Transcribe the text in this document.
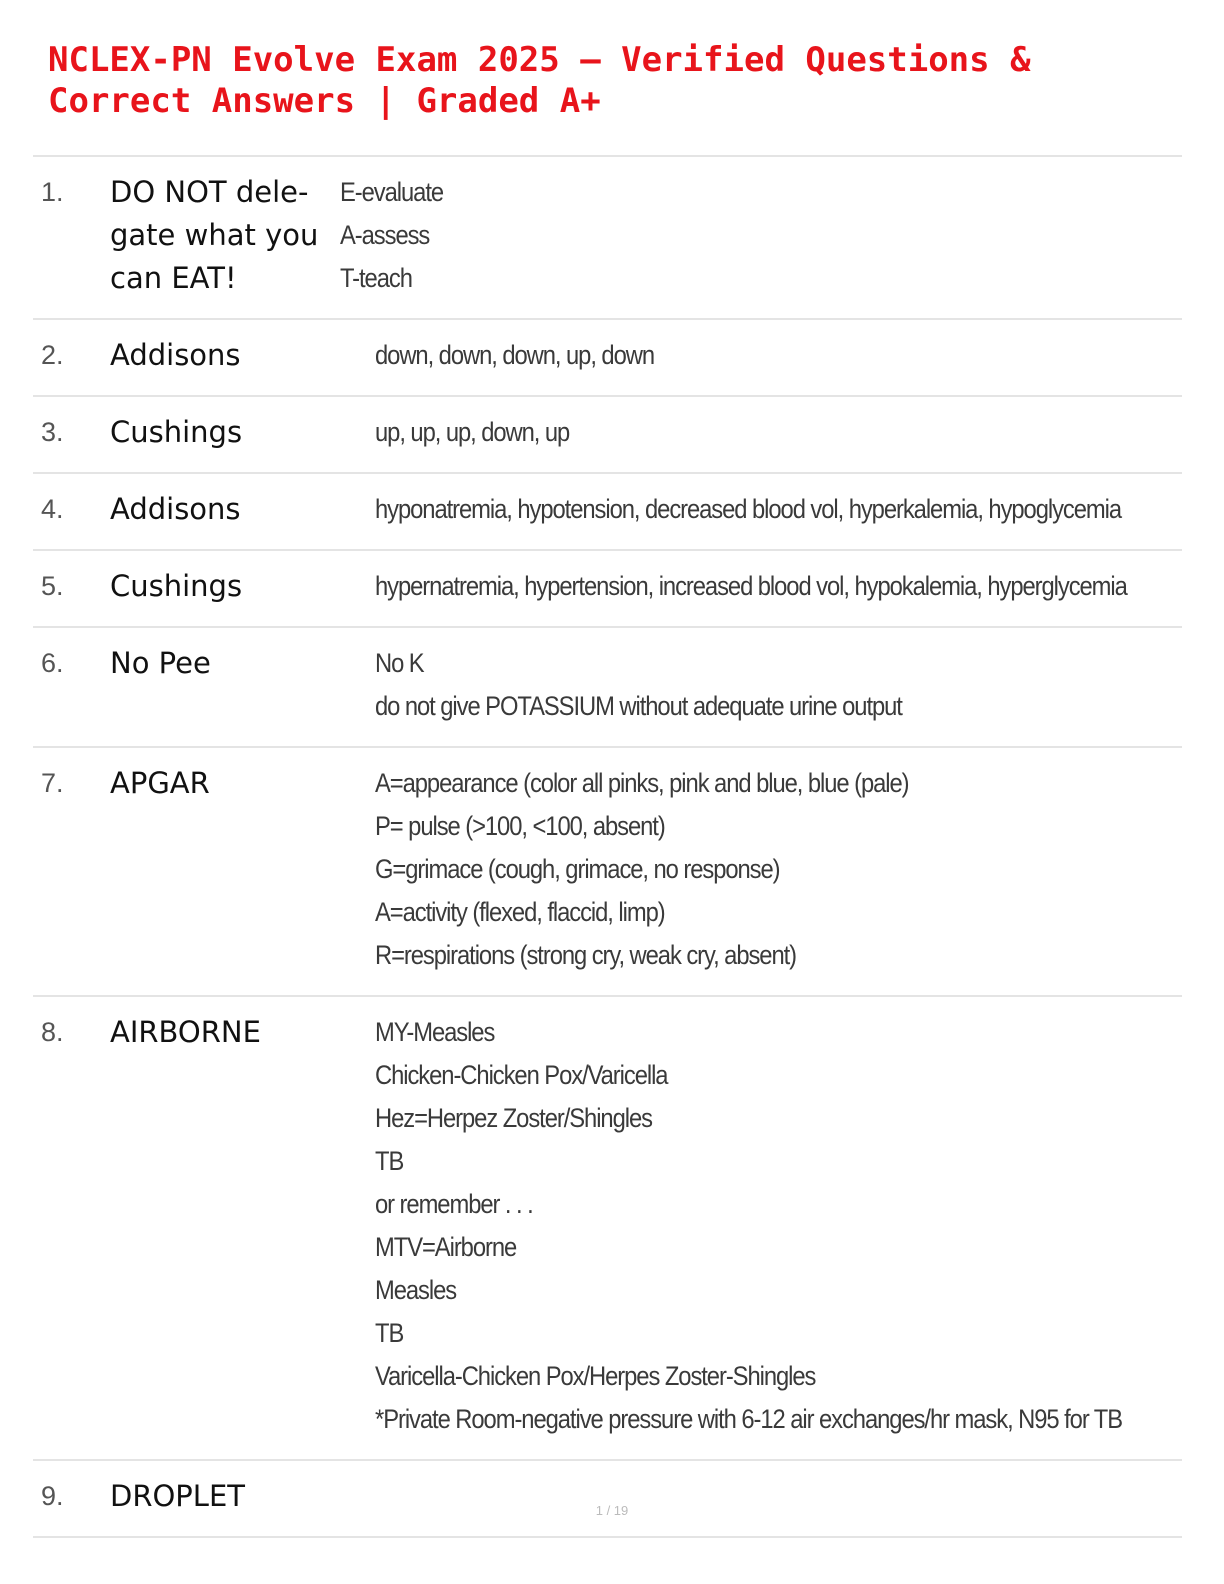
NCLEX-PN Evolve Exam 2025 – Verified Questions & Correct Answers | Graded A+
1.	DO NOT dele- gate what you can EAT!
E-evaluate
A-assess
T-teach
2.	Addisons	down, down, down, up, down
3.	Cushings	up, up, up, down, up
4.	Addisons	hyponatremia, hypotension, decreased blood vol, hyperkalemia, hypoglycemia
5.	Cushings	hypernatremia, hypertension, increased blood vol, hypokalemia, hyperglycemia
6.	No Pee	No K
do not give POTASSIUM without adequate urine output
7.	APGAR	A=appearance (color all pinks, pink and blue, blue (pale)
P= pulse (>100, <100, absent)
G=grimace (cough, grimace, no response)
A=activity (flexed, flaccid, limp)
R=respirations (strong cry, weak cry, absent)
8.	AIRBORNE	MY-Measles
Chicken-Chicken Pox/Varicella
Hez=Herpez Zoster/Shingles
TB
or remember . . .
MTV=Airborne
Measles
TB
Varicella-Chicken Pox/Herpes Zoster-Shingles
*Private Room-negative pressure with 6-12 air exchanges/hr mask, N95 for TB
9.	DROPLET	1 / 19
